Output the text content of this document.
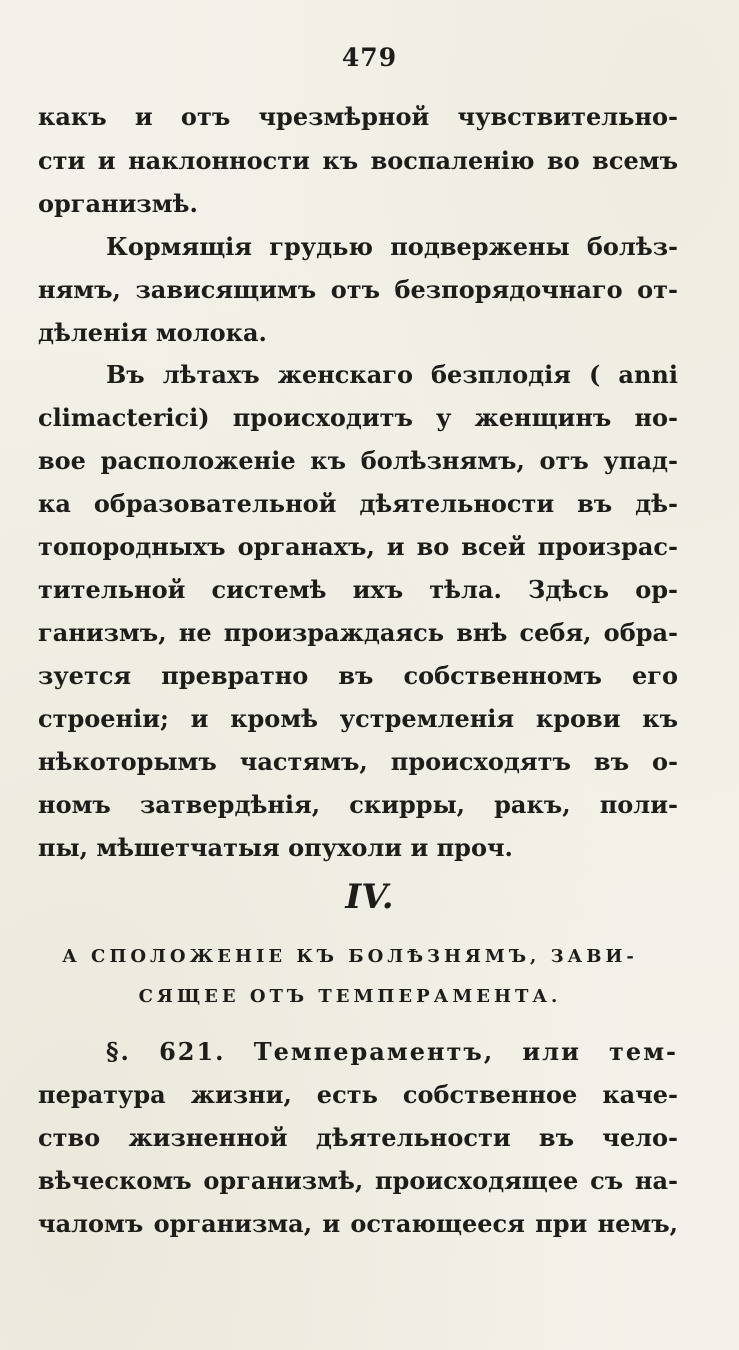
479
какъ и отъ чрезмѣрной чувствительно-
сти и наклонности къ воспаленію во всемъ
организмѣ.
Кормящія грудью подвержены болѣз-
нямъ, зависящимъ отъ безпорядочнаго от-
дѣленія молока.
Въ лѣтахъ женскаго безплодія ( anni
climacterici) происходитъ у женщинъ но-
вое расположеніе къ болѣзнямъ, отъ упад-
ка образовательной дѣятельности въ дѣ-
топородныхъ органахъ, и во всей произрас-
тительной системѣ ихъ тѣла. Здѣсь ор-
ганизмъ, не произраждаясь внѣ себя, обра-
зуется превратно въ собственномъ его
строеніи; и кромѣ устремленія крови къ
нѣкоторымъ частямъ, происходятъ въ о-
номъ затвердѣнія, скирры, ракъ, поли-
пы, мѣшетчатыя опухоли и проч.
IV.
А СПОЛОЖЕНІЕ КЪ БОЛѢЗНЯМЪ, ЗАВИ-
СЯЩЕЕ ОТЪ ТЕМПЕРАМЕНТА.
§. 621. Темпераментъ, или тем-
пература жизни, есть собственное каче-
ство жизненной дѣятельности въ чело-
вѣческомъ организмѣ, происходящее съ на-
чаломъ организма, и остающееся при немъ,
